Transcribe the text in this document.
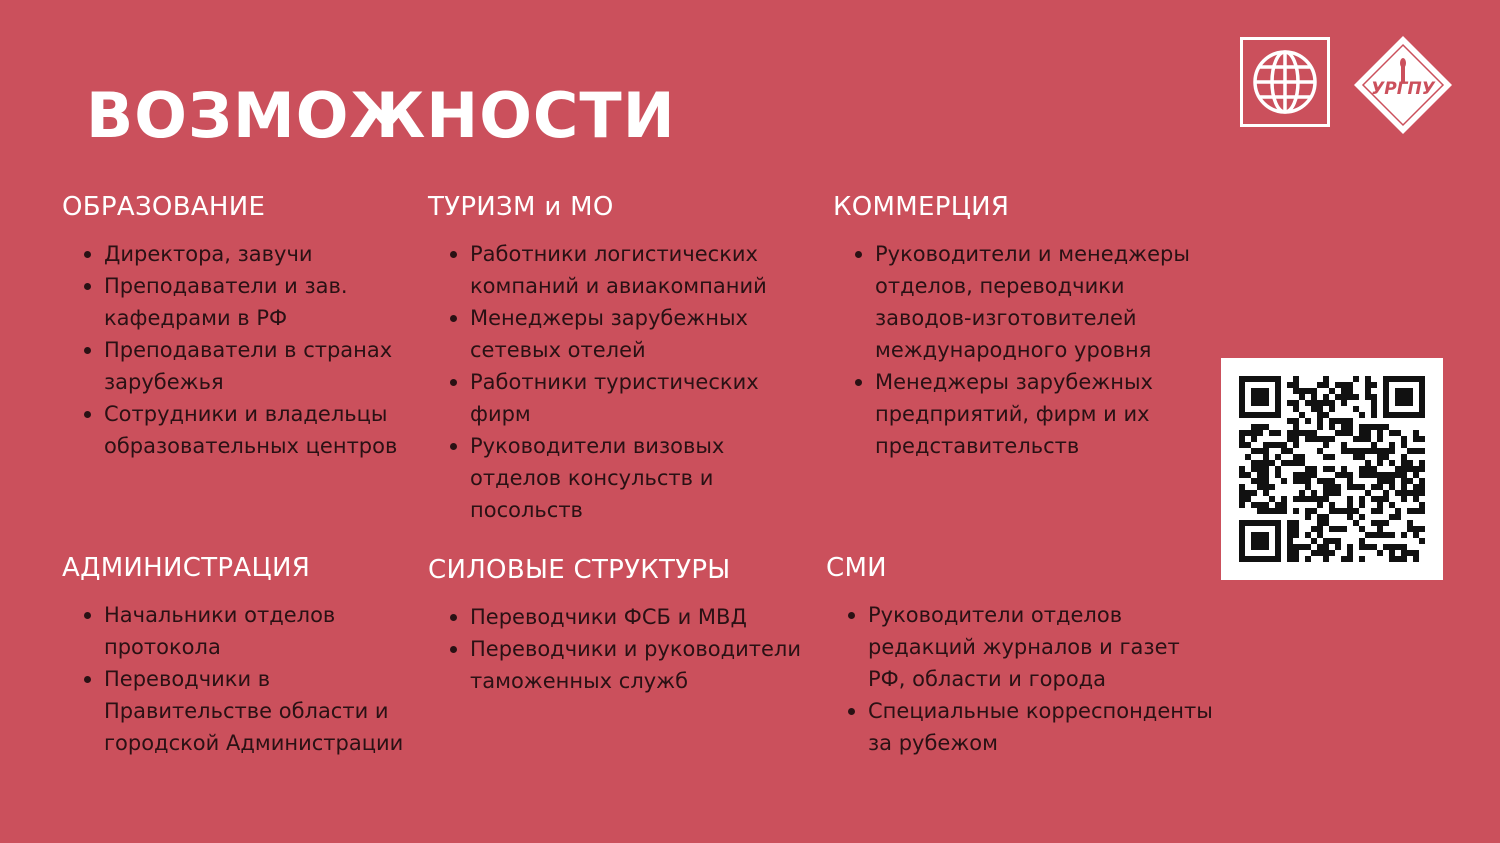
ВОЗМОЖНОСТИ	УРГПУ
ОБРАЗОВАНИЕ
Директора, завучи
Преподаватели и зав. кафедрами в РФ
Преподаватели в странах зарубежья
Сотрудники и владельцы образовательных центров
ТУРИЗМ и МО
Работники логистических компаний и авиакомпаний
Менеджеры зарубежных сетевых отелей
Работники туристических фирм
Руководители визовых отделов консульств и посольств
КОММЕРЦИЯ
Руководители и менеджеры отделов, переводчики заводов-изготовителей международного уровня
Менеджеры зарубежных предприятий, фирм и их представительств
АДМИНИСТРАЦИЯ
Начальники отделов протокола
Переводчики в Правительстве области и городской Администрации
СИЛОВЫЕ СТРУКТУРЫ
Переводчики ФСБ и МВД
Переводчики и руководители таможенных служб
СМИ
Руководители отделов редакций журналов и газет РФ, области и города
Специальные корреспонденты за рубежом
